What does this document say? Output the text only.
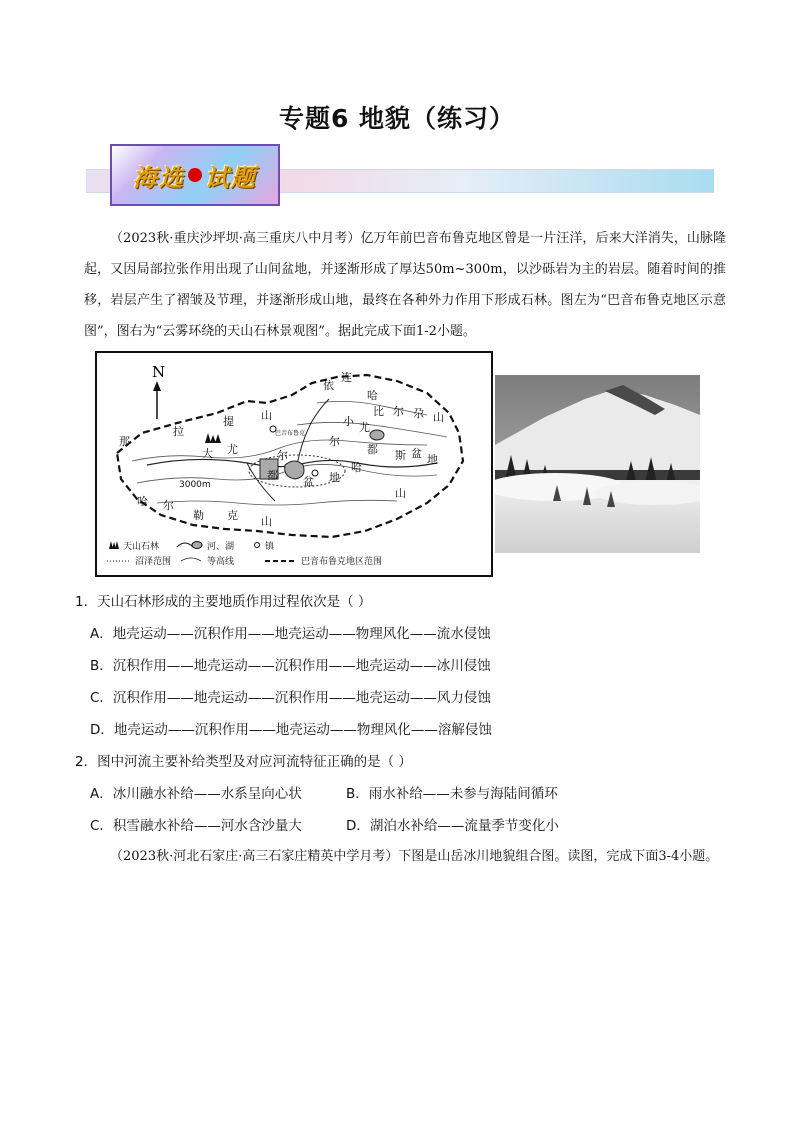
专题6 地貌（练习）
海选 试题
（2023秋·重庆沙坪坝·高三重庆八中月考）亿万年前巴音布鲁克地区曾是一片汪洋，后来大洋消失，山脉隆起，又因局部拉张作用出现了山间盆地，并逐渐形成了厚达50m~300m，以沙砾岩为主的岩层。随着时间的推移，岩层产生了褶皱及节理，并逐渐形成山地，最终在各种外力作用下形成石林。图左为“巴音布鲁克地区示意图”，图右为“云雾环绕的天山石林景观图”。据此完成下面1-2小题。
N
那
拉
提 山
大 尤
尔
都 斯 盆 地
山
哈 尔
勒 克 山
依
连
哈
比 尔 尕 山
小 尤
都 盆 地
哈
尔
巴音布鲁克
3000m
天山石林	河、湖	镇
沼泽范围	等高线	巴音布鲁克地区范围
1．天山石林形成的主要地质作用过程依次是（ ）
A．地壳运动——沉积作用——地壳运动——物理风化——流水侵蚀
B．沉积作用——地壳运动——沉积作用——地壳运动——冰川侵蚀
C．沉积作用——地壳运动——沉积作用——地壳运动——风力侵蚀
D．地壳运动——沉积作用——地壳运动——物理风化——溶解侵蚀
2．图中河流主要补给类型及对应河流特征正确的是（ ）
A．冰川融水补给——水系呈向心状	B．雨水补给——未参与海陆间循环
C．积雪融水补给——河水含沙量大	D．湖泊水补给——流量季节变化小
（2023秋·河北石家庄·高三石家庄精英中学月考）下图是山岳冰川地貌组合图。读图，完成下面3-4小题。
